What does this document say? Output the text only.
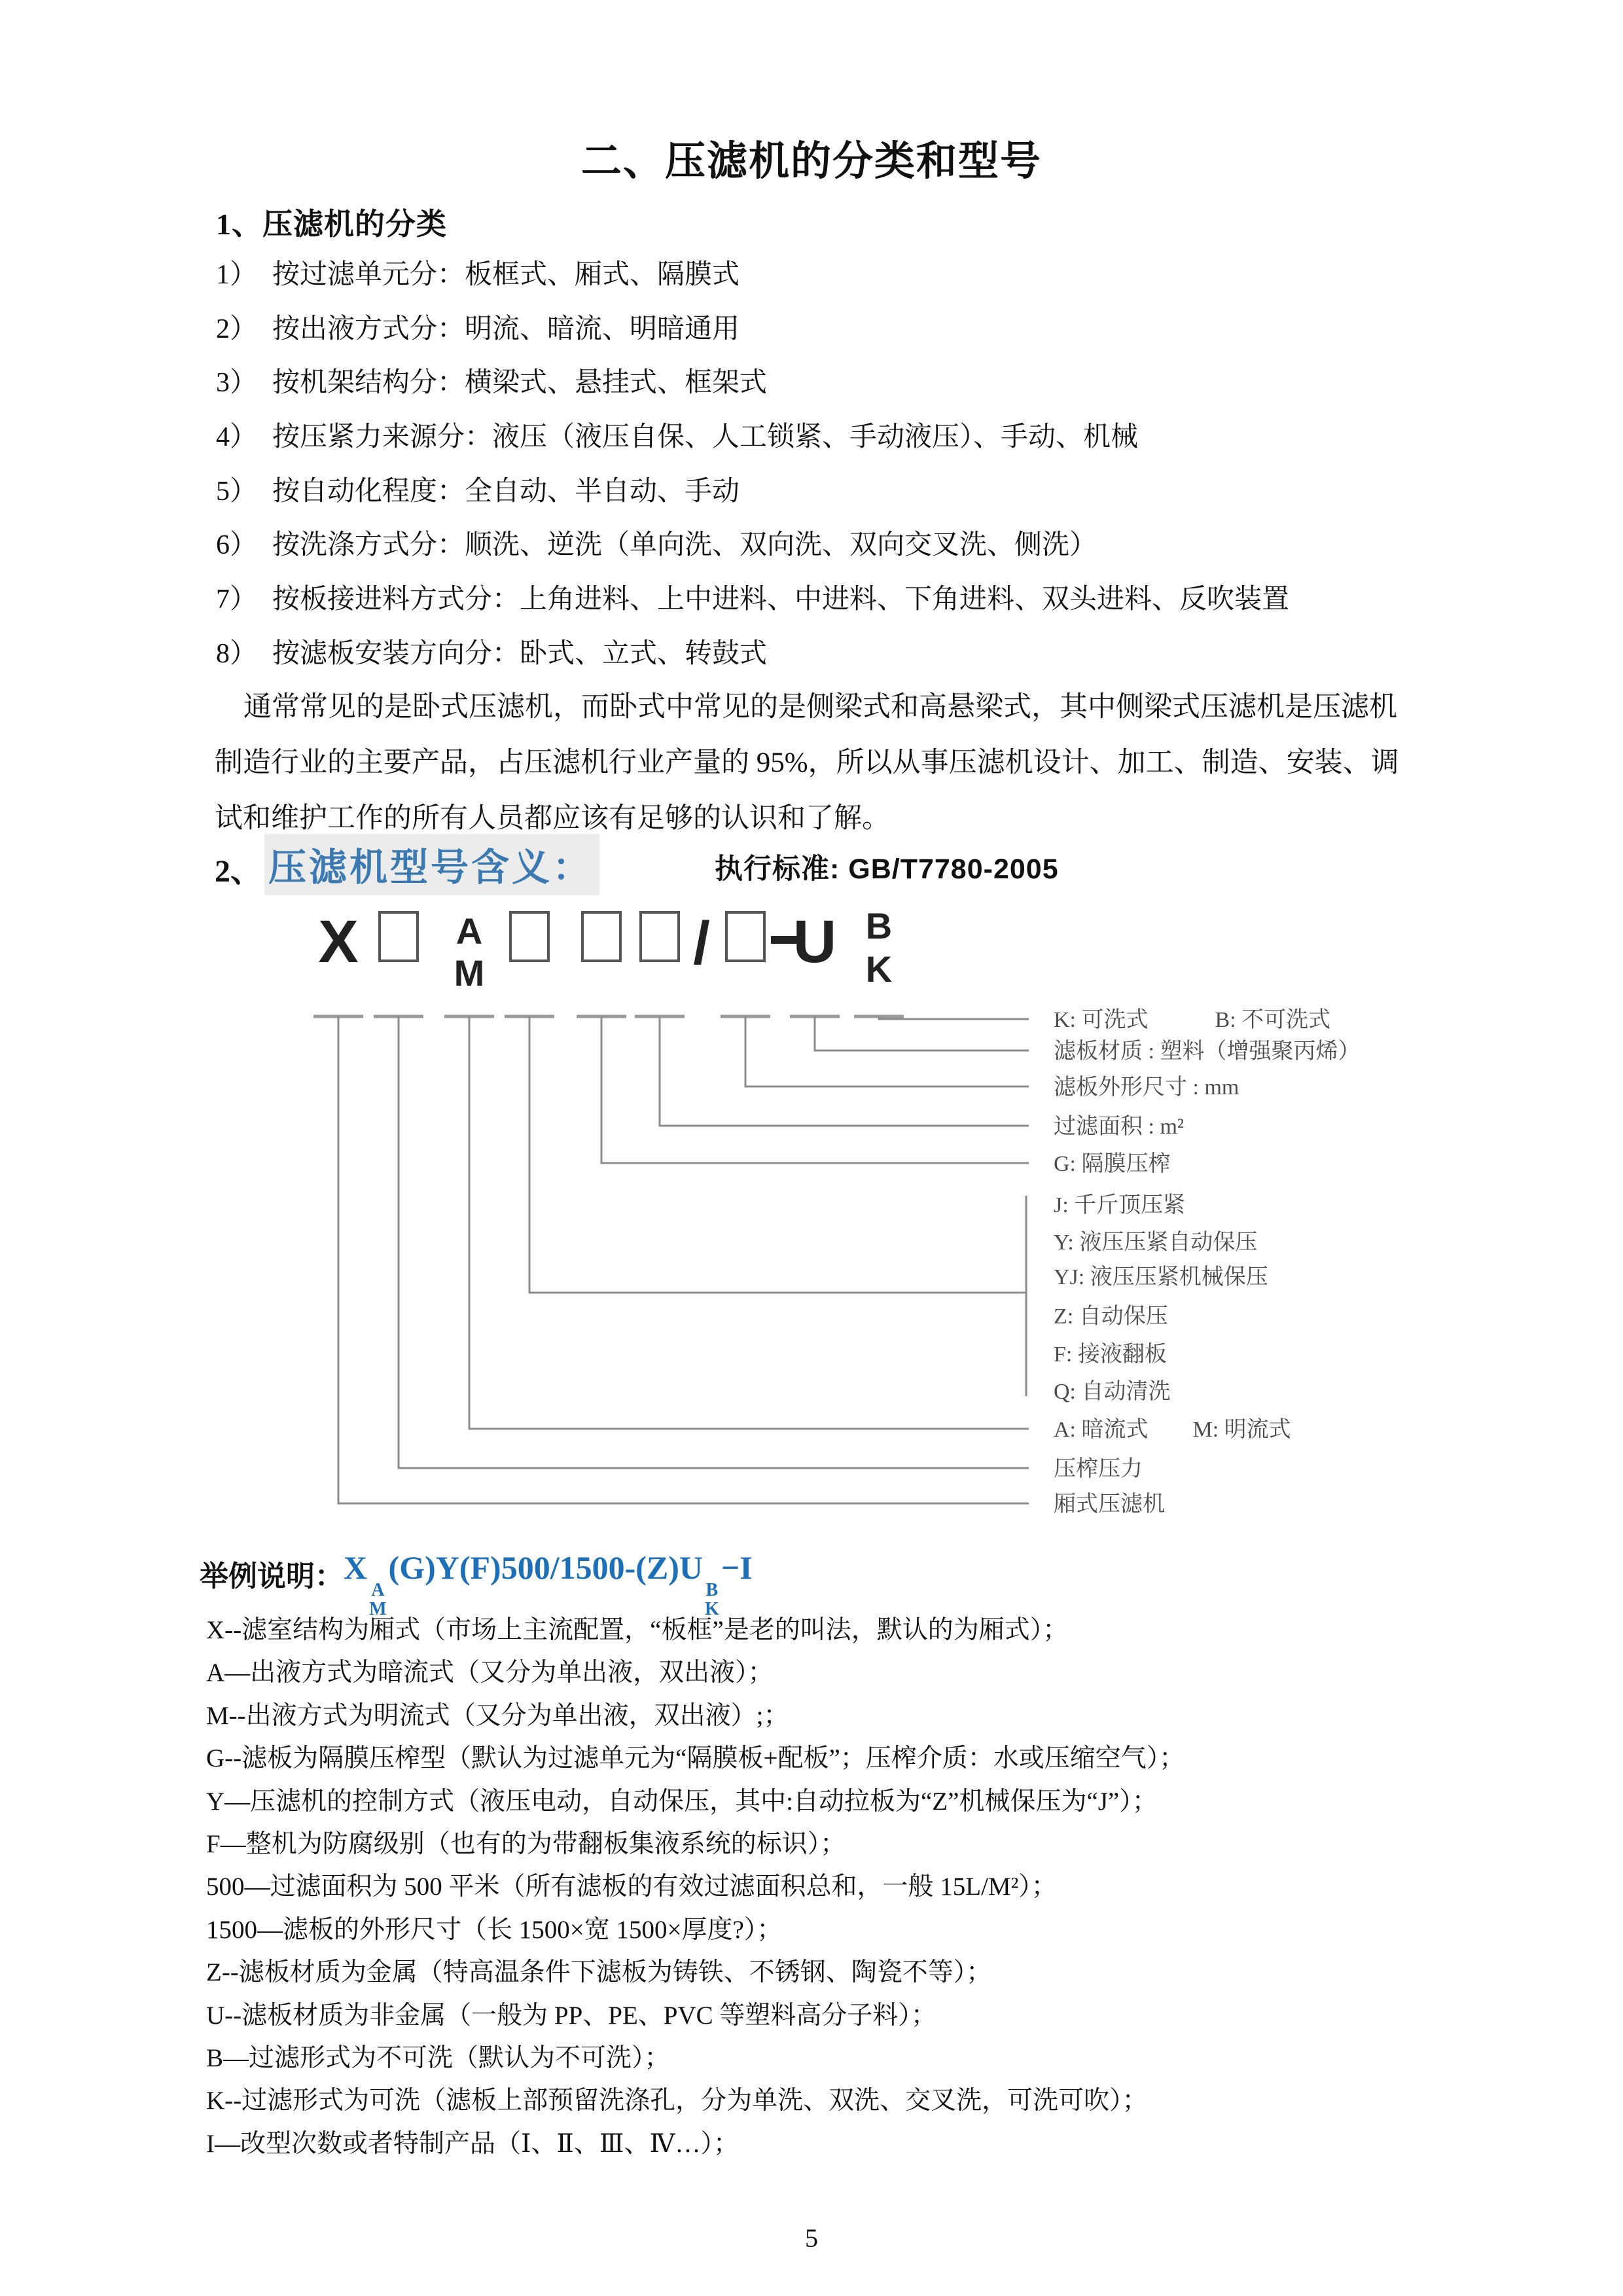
二、压滤机的分类和型号
1、压滤机的分类
1） 按过滤单元分：板框式、厢式、隔膜式
2） 按出液方式分：明流、暗流、明暗通用
3） 按机架结构分：横梁式、悬挂式、框架式
4） 按压紧力来源分：液压（液压自保、人工锁紧、手动液压）、手动、机械
5） 按自动化程度：全自动、半自动、手动
6） 按洗涤方式分：顺洗、逆洗（单向洗、双向洗、双向交叉洗、侧洗）
7） 按板接进料方式分：上角进料、上中进料、中进料、下角进料、双头进料、反吹装置
8） 按滤板安装方向分：卧式、立式、转鼓式
通常常见的是卧式压滤机，而卧式中常见的是侧梁式和高悬梁式，其中侧梁式压滤机是压滤机
制造行业的主要产品，占压滤机行业产量的 95%，所以从事压滤机设计、加工、制造、安装、调
试和维护工作的所有人员都应该有足够的认识和了解。
2、 压滤机型号含义：	执行标准: GB/T7780-2005
X	A
M	/ U B
K
K: 可洗式　　　B: 不可洗式
滤板材质 : 塑料（增强聚丙烯）
滤板外形尺寸 : mm
过滤面积 : m²
G: 隔膜压榨
J: 千斤顶压紧
Y: 液压压紧自动保压
YJ: 液压压紧机械保压
Z: 自动保压
F: 接液翻板
Q: 自动清洗
A: 暗流式　　M: 明流式
压榨压力
厢式压滤机
举例说明： X
A
M
(G)Y(F)500/1500-(Z)U
B
K
−I
X--滤室结构为厢式（市场上主流配置，“板框”是老的叫法，默认的为厢式）；
A—出液方式为暗流式（又分为单出液，双出液）；
M--出液方式为明流式（又分为单出液，双出液）;；
G--滤板为隔膜压榨型（默认为过滤单元为“隔膜板+配板”；压榨介质：水或压缩空气）；
Y—压滤机的控制方式（液压电动，自动保压，其中:自动拉板为“Z”机械保压为“J”）；
F—整机为防腐级别（也有的为带翻板集液系统的标识）；
500—过滤面积为 500 平米（所有滤板的有效过滤面积总和，一般 15L/M²）；
1500—滤板的外形尺寸（长 1500×宽 1500×厚度?）；
Z--滤板材质为金属（特高温条件下滤板为铸铁、不锈钢、陶瓷不等）；
U--滤板材质为非金属（一般为 PP、PE、PVC 等塑料高分子料）；
B—过滤形式为不可洗（默认为不可洗）；
K--过滤形式为可洗（滤板上部预留洗涤孔，分为单洗、双洗、交叉洗，可洗可吹）；
I—改型次数或者特制产品（Ⅰ、Ⅱ、Ⅲ、Ⅳ…）；
5
